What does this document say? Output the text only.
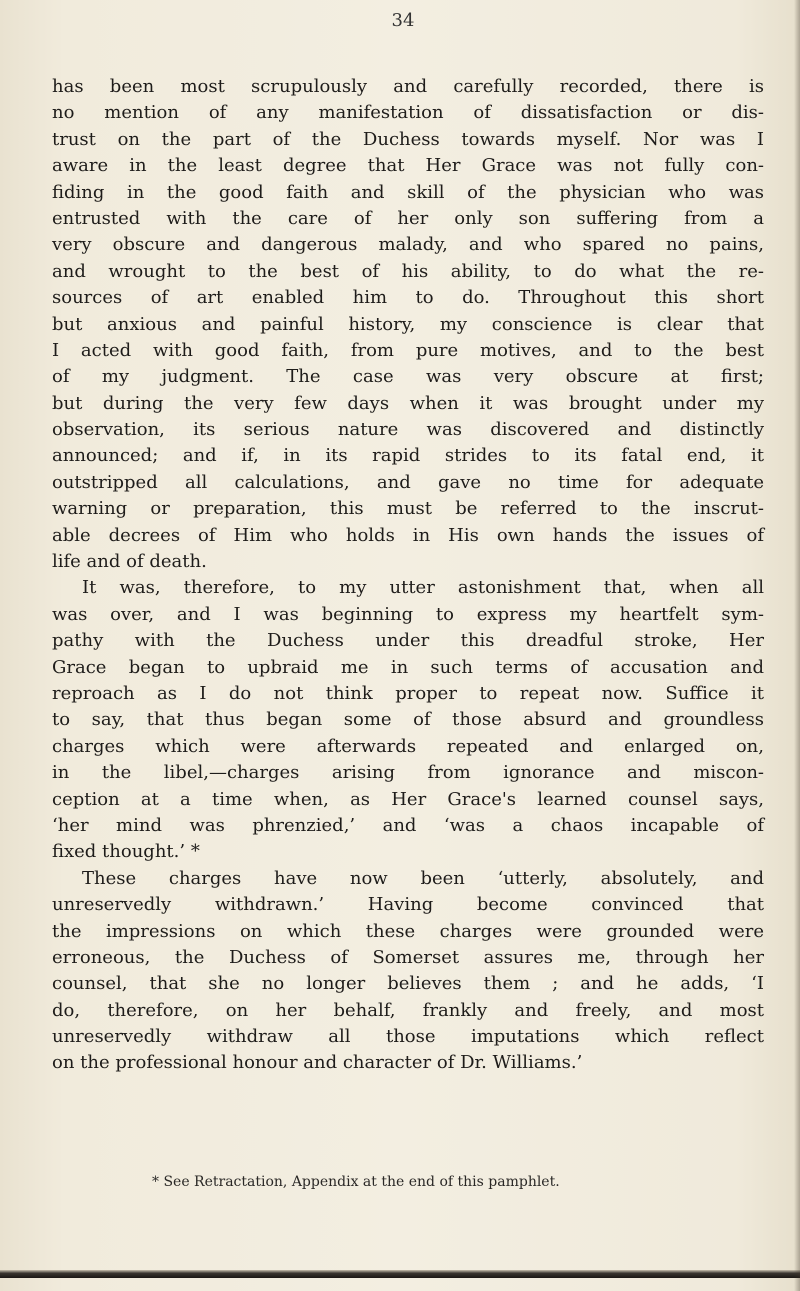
34
has been most scrupulously and carefully recorded, there is
no mention of any manifestation of dissatisfaction or dis-
trust on the part of the Duchess towards myself. Nor was I
aware in the least degree that Her Grace was not fully con-
fiding in the good faith and skill of the physician who was
entrusted with the care of her only son suffering from a
very obscure and dangerous malady, and who spared no pains,
and wrought to the best of his ability, to do what the re-
sources of art enabled him to do. Throughout this short
but anxious and painful history, my conscience is clear that
I acted with good faith, from pure motives, and to the best
of my judgment. The case was very obscure at first;
but during the very few days when it was brought under my
observation, its serious nature was discovered and distinctly
announced; and if, in its rapid strides to its fatal end, it
outstripped all calculations, and gave no time for adequate
warning or preparation, this must be referred to the inscrut-
able decrees of Him who holds in His own hands the issues of
life and of death.
It was, therefore, to my utter astonishment that, when all
was over, and I was beginning to express my heartfelt sym-
pathy with the Duchess under this dreadful stroke, Her
Grace began to upbraid me in such terms of accusation and
reproach as I do not think proper to repeat now. Suffice it
to say, that thus began some of those absurd and groundless
charges which were afterwards repeated and enlarged on,
in the libel,—charges arising from ignorance and miscon-
ception at a time when, as Her Grace's learned counsel says,
‘her mind was phrenzied,’ and ‘was a chaos incapable of
fixed thought.’ *
These charges have now been ‘utterly, absolutely, and
unreservedly withdrawn.’ Having become convinced that
the impressions on which these charges were grounded were
erroneous, the Duchess of Somerset assures me, through her
counsel, that she no longer believes them ; and he adds, ‘I
do, therefore, on her behalf, frankly and freely, and most
unreservedly withdraw all those imputations which reflect
on the professional honour and character of Dr. Williams.’
* See Retractation, Appendix at the end of this pamphlet.
